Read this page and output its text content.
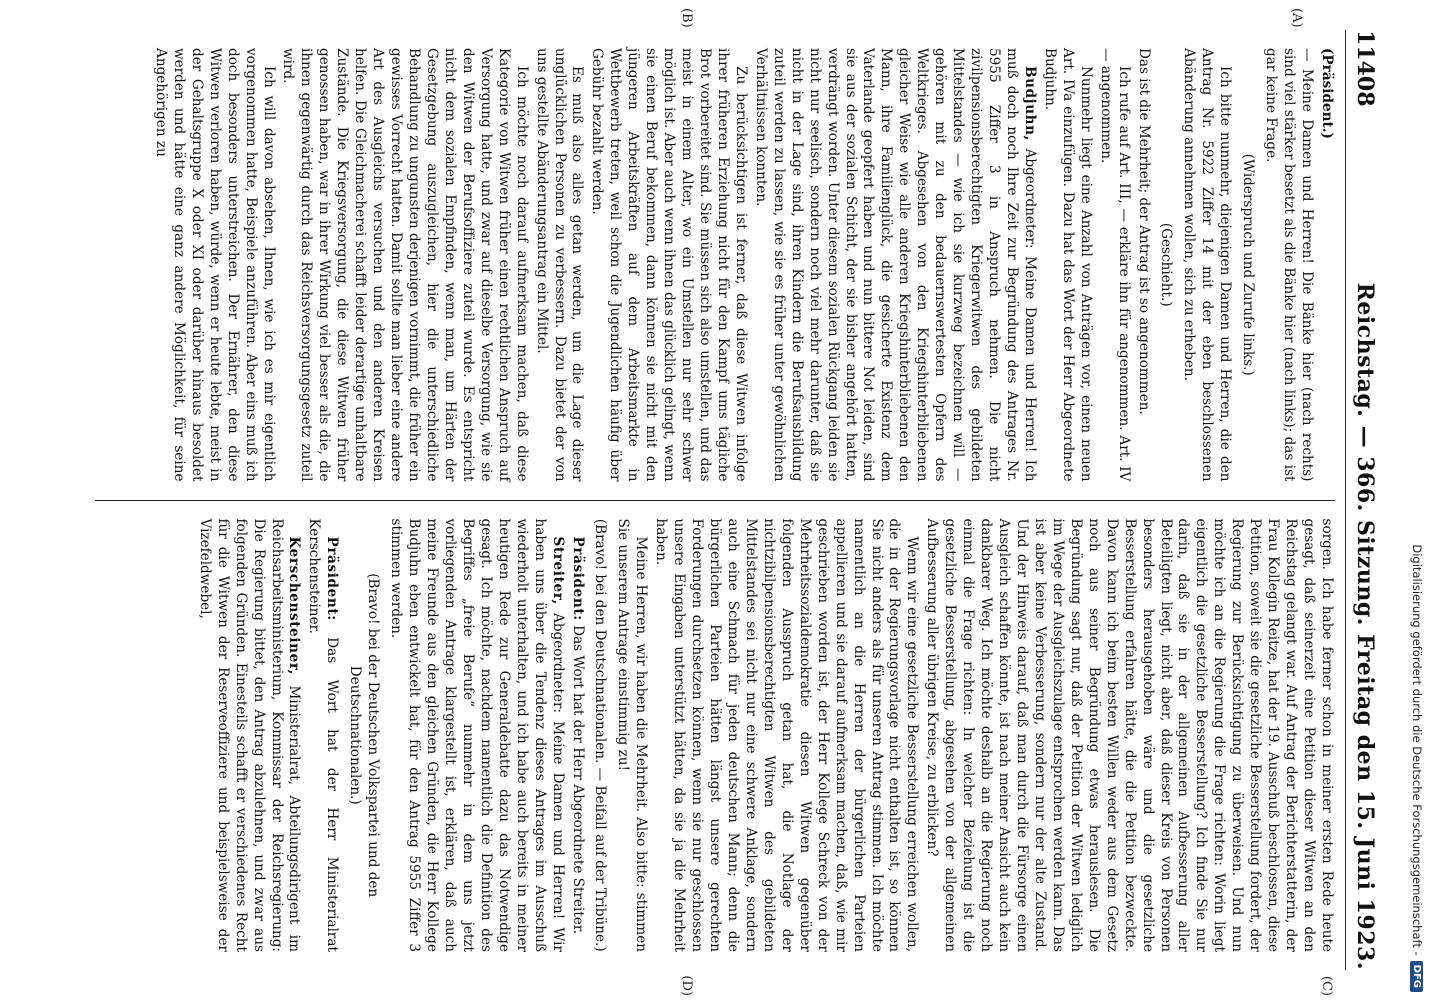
11408
Reichstag. — 366. Sitzung. Freitag den 15. Juni 1923.
(A)
(B)

(Präsident.)

— Meine Damen und Herren! Die Bänke hier (nach rechts) sind viel stärker besetzt als die Bänke hier (nach links); das ist gar keine Frage.

(Widerspruch und Zurufe links.)

Ich bitte nunmehr, diejenigen Damen und Herren, die den Antrag Nr. 5922 Ziffer 14 mit der eben beschlossenen Abänderung annehmen wollen, sich zu erheben.

(Geschieht.)

Das ist die Mehrheit; der Antrag ist so angenommen.

Ich rufe auf Art. III, — erkläre ihn für angenommen. Art. IV — angenommen.

Nunmehr liegt eine Anzahl von Anträgen vor, einen neuen Art. IVa einzufügen. Dazu hat das Wort der Herr Abgeordnete Budjuhn.

Budjuhn, Abgeordneter: Meine Damen und Herren! Ich muß doch noch Ihre Zeit zur Begründung des Antrages Nr. 5955 Ziffer 3 in Anspruch nehmen. Die nicht zivilpensionsberechtigten Kriegerwitwen des gebildeten Mittelstandes — wie ich sie kurzweg bezeichnen will — gehören mit zu den bedauernswertesten Opfern des Weltkrieges. Abgesehen von den Kriegshinterbliebenen gleicher Weise wie alle anderen Kriegshinterbliebenen den Mann, ihre Familienglück, die gesicherte Existenz dem Vaterlande geopfert haben und nun bittere Not leiden, sind sie aus der sozialen Schicht, der sie bisher angehört hatten, verdrängt worden. Unter diesem sozialen Rückgang leiden sie nicht nur seelisch, sondern noch viel mehr darunter, daß sie nicht in der Lage sind, ihren Kindern die Berufsausbildung zuteil werden zu lassen, wie sie es früher unter gewöhnlichen Verhältnissen konnten.

Zu berücksichtigen ist ferner, daß diese Witwen infolge ihrer früheren Erziehung nicht für den Kampf ums tägliche Brot vorbereitet sind. Sie müssen sich also umstellen, und das meist in einem Alter, wo ein Umstellen nur sehr schwer möglich ist. Aber auch wenn ihnen das glücklich gelingt, wenn sie einen Beruf bekommen, dann können sie nicht mit den jüngeren Arbeitskräften auf dem Arbeitsmarkte in Wettbewerb treten, weil schon die Jugendlichen häufig über Gebühr bezahlt werden.

Es muß also alles getan werden, um die Lage dieser unglücklichen Personen zu verbessern. Dazu bietet der von uns gestellte Abänderungsantrag ein Mittel.

Ich möchte noch darauf aufmerksam machen, daß diese Kategorie von Witwen früher einen rechtlichen Anspruch auf Versorgung hatte, und zwar auf dieselbe Versorgung, wie sie den Witwen der Berufsoffiziere zuteil wurde. Es entspricht nicht dem sozialen Empfinden, wenn man, um Härten der Gesetzgebung auszugleichen, hier die unterschiedliche Behandlung zu ungunsten derjenigen vornimmt, die früher ein gewisses Vorrecht hatten. Damit sollte man lieber eine andere Art des Ausgleichs versuchen und den anderen Kreisen helfen. Die Gleichmacherei schafft leider derartige unhaltbare Zustände. Die Kriegsversorgung, die diese Witwen früher genossen haben, war in ihrer Wirkung viel besser als die, die ihnen gegenwärtig durch das Reichsversorgungsgesetz zuteil wird.

Ich will davon absehen, Ihnen, wie ich es mir eigentlich vorgenommen hatte, Beispiele anzuführen. Aber eins muß ich doch besonders unterstreichen. Der Ernährer, den diese Witwen verloren haben, würde, wenn er heute lebte, meist in der Gehaltsgruppe X oder XI oder darüber hinaus besoldet werden und hätte eine ganz andere Möglichkeit, für seine Angehörigen zu

(C)
(D)

sorgen. Ich habe ferner schon in meiner ersten Rede heute gesagt, daß seinerzeit eine Petition dieser Witwen an den Reichstag gelangt war. Auf Antrag der Berichterstatterin, der Frau Kollegin Reitze, hat der 19. Ausschuß beschlossen, diese Petition, soweit sie die gesetzliche Besserstellung fordert, der Regierung zur Berücksichtigung zu überweisen. Und nun möchte ich an die Regierung die Frage richten: Worin liegt eigentlich die gesetzliche Besserstellung? Ich finde Sie nur darin, daß sie in der allgemeinen Aufbesserung aller Beteiligten liegt, nicht aber, daß dieser Kreis von Personen besonders herausgehoben wäre und die gesetzliche Besserstellung erfahren hätte, die die Petition bezweckte. Davon kann ich beim besten Willen weder aus dem Gesetz noch aus seiner Begründung etwas herauslesen. Die Begründung sagt nur, daß der Petition der Witwen lediglich im Wege der Ausgleichszulage entsprochen werden kann. Das ist aber keine Verbesserung, sondern nur der alte Zustand. Und der Hinweis darauf, daß man durch die Fürsorge einen Ausgleich schaffen könnte, ist nach meiner Ansicht auch kein dankbarer Weg. Ich möchte deshalb an die Regierung noch einmal die Frage richten: In welcher Beziehung ist die gesetzliche Besserstellung, abgesehen von der allgemeinen Aufbesserung aller übrigen Kreise, zu erblicken?

Wenn wir eine gesetzliche Besserstellung erreichen wollen, die in der Regierungsvorlage nicht enthalten ist, so können Sie nicht anders als für unseren Antrag stimmen. Ich möchte namentlich an die Herren der bürgerlichen Parteien appellieren und sie darauf aufmerksam machen, daß, wie mir geschrieben worden ist, der Herr Kollege Schreck von der Mehrheitssozialdemokratie diesen Witwen gegenüber folgenden Ausspruch getan hat, die Notlage der nichtzibilpensionsberechtigten Witwen des gebildeten Mittelstandes sei nicht nur eine schwere Anklage, sondern auch eine Schmach für jeden deutschen Mann; denn die bürgerlichen Parteien hätten längst unsere gerechten Forderungen durchsetzen können, wenn sie nur geschlossen unsere Eingaben unterstützt hätten, da sie ja die Mehrheit haben.

Meine Herren, wir haben die Mehrheit. Also bitte: stimmen Sie unserem Antrage einstimmig zu!

(Bravo! bei den Deutschnationalen. — Beifall auf der Tribüne.)

Präsident: Das Wort hat der Herr Abgeordnete Streiter.

Streiter, Abgeordneter: Meine Damen und Herren! Wir haben uns über die Tendenz dieses Antrages im Ausschuß wiederholt unterhalten, und ich habe auch bereits in meiner heutigen Rede zur Generaldebatte dazu das Notwendige gesagt. Ich möchte, nachdem namentlich die Definition des Begriffes „freie Berufe“ nunmehr in dem uns jetzt vorliegenden Antrage klargestellt ist, erklären, daß auch meine Freunde aus den gleichen Gründen, die Herr Kollege Budjuhn eben entwickelt hat, für den Antrag 5955 Ziffer 3 stimmen werden.

(Bravo! bei der Deutschen Volkspartei und den Deutschnationalen.)

Präsident: Das Wort hat der Herr Ministerialrat Kerschensteiner.

Kerschensteiner, Ministerialrat, Abteilungsdirigent im Reichsarbeitsministerium, Kommissar der Reichsregierung: Die Regierung bittet, den Antrag abzulehnen, und zwar aus folgenden Gründen. Einesteils schafft er verschiedenes Recht für die Witwen der Reserveoffiziere und beispielsweise der Vizefeldwebel,	Digitalisierung gefördert durch die Deutsche Forschungsgemeinschaft -
DFG
